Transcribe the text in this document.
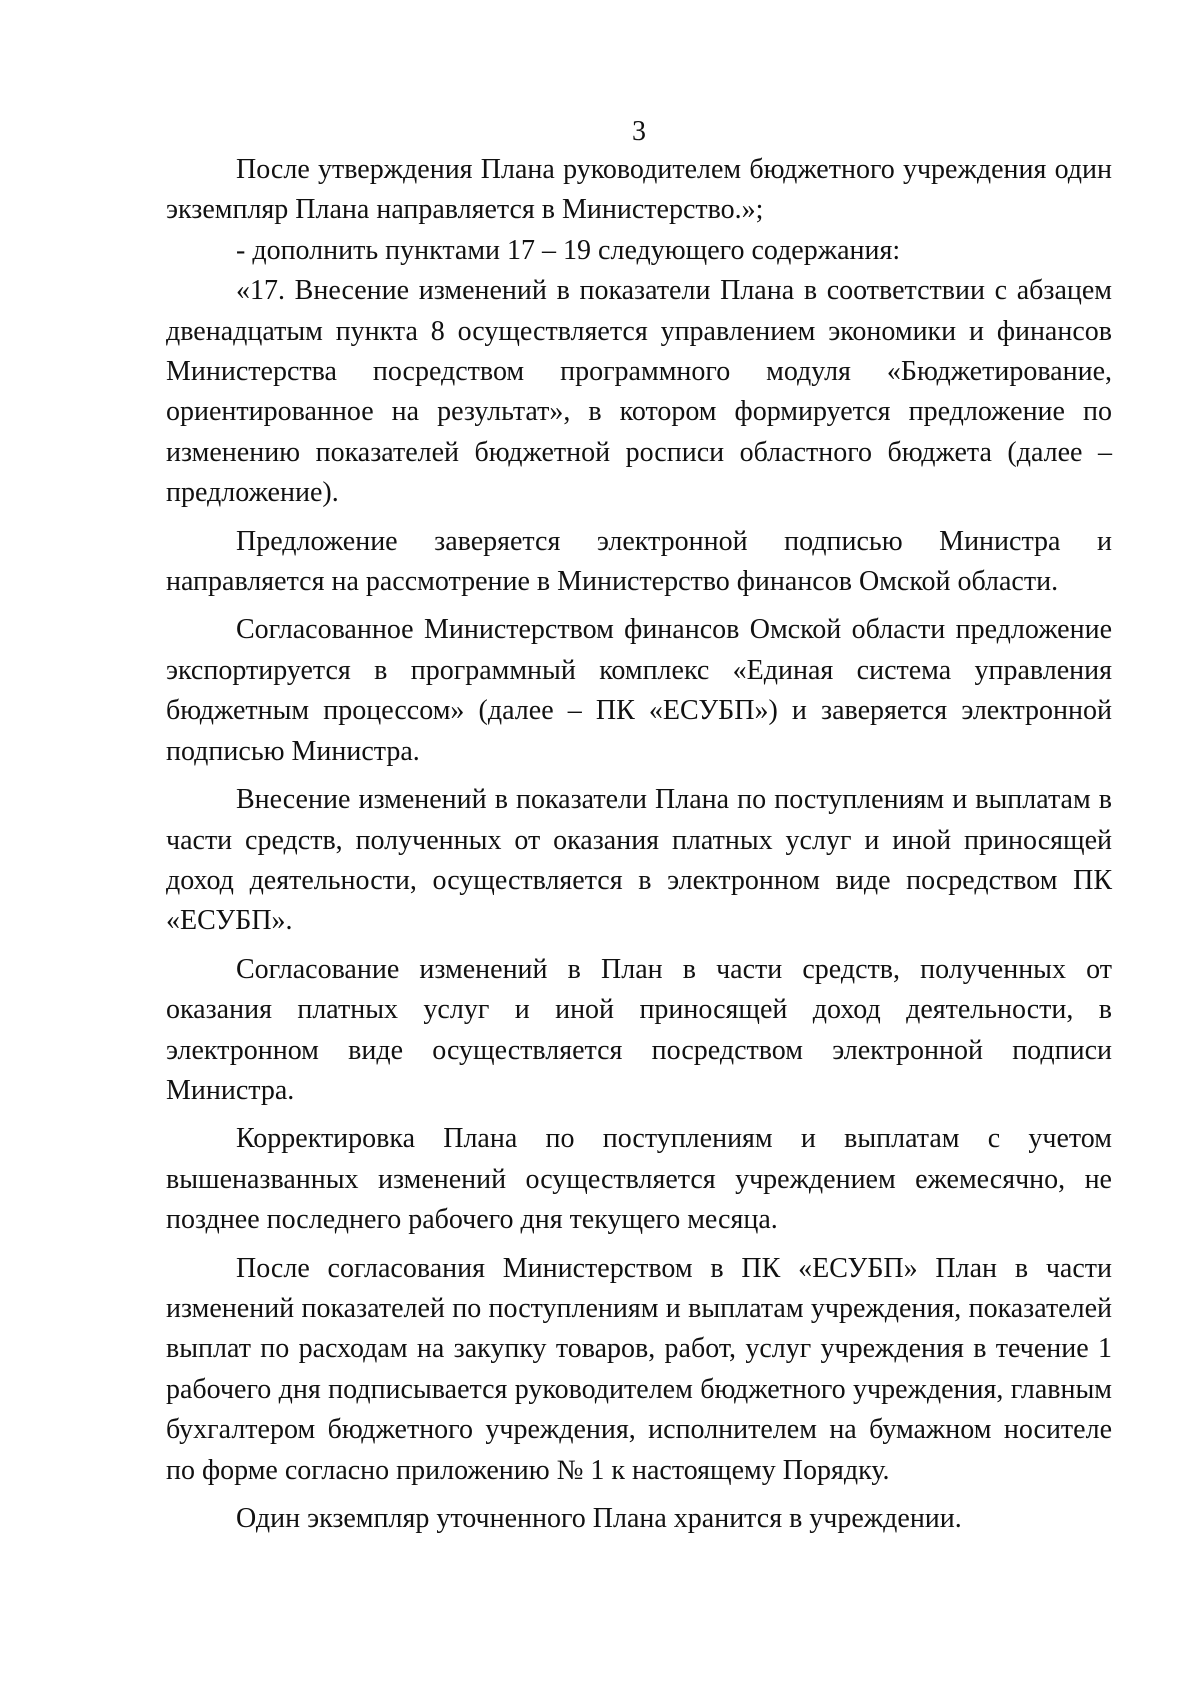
3

После утверждения Плана руководителем бюджетного учреждения один экземпляр Плана направляется в Министерство.»;

- дополнить пунктами 17 – 19 следующего содержания:

«17. Внесение изменений в показатели Плана в соответствии с абзацем двенадцатым пункта 8 осуществляется управлением экономики и финансов Министерства посредством программного модуля «Бюджетирование, ориентированное на результат», в котором формируется предложение по изменению показателей бюджетной росписи областного бюджета (далее – предложение).

Предложение заверяется электронной подписью Министра и направляется на рассмотрение в Министерство финансов Омской области.

Согласованное Министерством финансов Омской области предложение экспортируется в программный комплекс «Единая система управления бюджетным процессом» (далее – ПК «ЕСУБП») и заверяется электронной подписью Министра.

Внесение изменений в показатели Плана по поступлениям и выплатам в части средств, полученных от оказания платных услуг и иной приносящей доход деятельности, осуществляется в электронном виде посредством ПК «ЕСУБП».

Согласование изменений в План в части средств, полученных от оказания платных услуг и иной приносящей доход деятельности, в электронном виде осуществляется посредством электронной подписи Министра.

Корректировка Плана по поступлениям и выплатам с учетом вышеназванных изменений осуществляется учреждением ежемесячно, не позднее последнего рабочего дня текущего месяца.

После согласования Министерством в ПК «ЕСУБП» План в части изменений показателей по поступлениям и выплатам учреждения, показателей выплат по расходам на закупку товаров, работ, услуг учреждения в течение 1 рабочего дня подписывается руководителем бюджетного учреждения, главным бухгалтером бюджетного учреждения, исполнителем на бумажном носителе по форме согласно приложению № 1 к настоящему Порядку.

Один экземпляр уточненного Плана хранится в учреждении.
